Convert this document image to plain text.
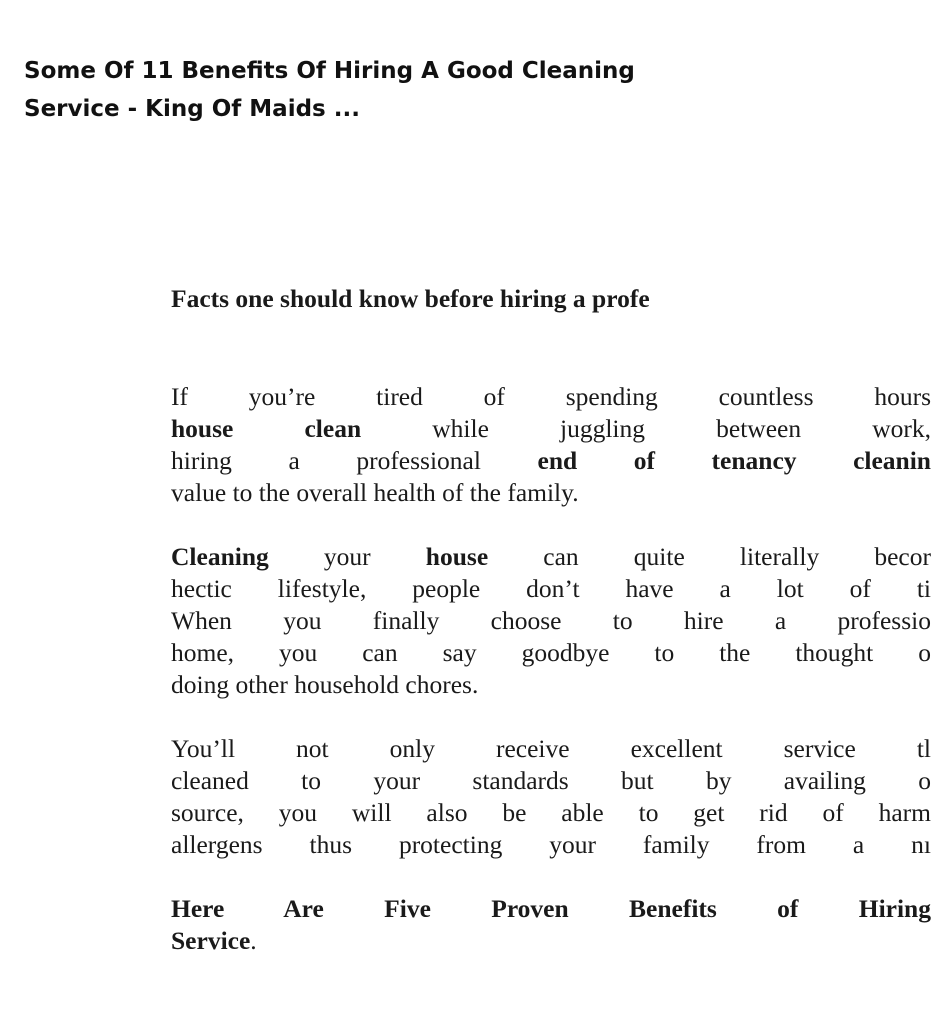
Some Of 11 Benefits Of Hiring A Good Cleaning Service - King Of Maids ...

Facts one should know before hiring a profe

If you’re tired of spending countless hours
house clean while juggling between work,
hiring a professional end of tenancy cleanin
value to the overall health of the family.
Cleaning your house can quite literally becor
hectic lifestyle, people don’t have a lot of ti
When you finally choose to hire a professio
home, you can say goodbye to the thought o
doing other household chores.
You’ll not only receive excellent service tl
cleaned to your standards but by availing o
source, you will also be able to get rid of harm
allergens thus protecting your family from a nı
Here Are Five Proven Benefits of Hiring
Service.
